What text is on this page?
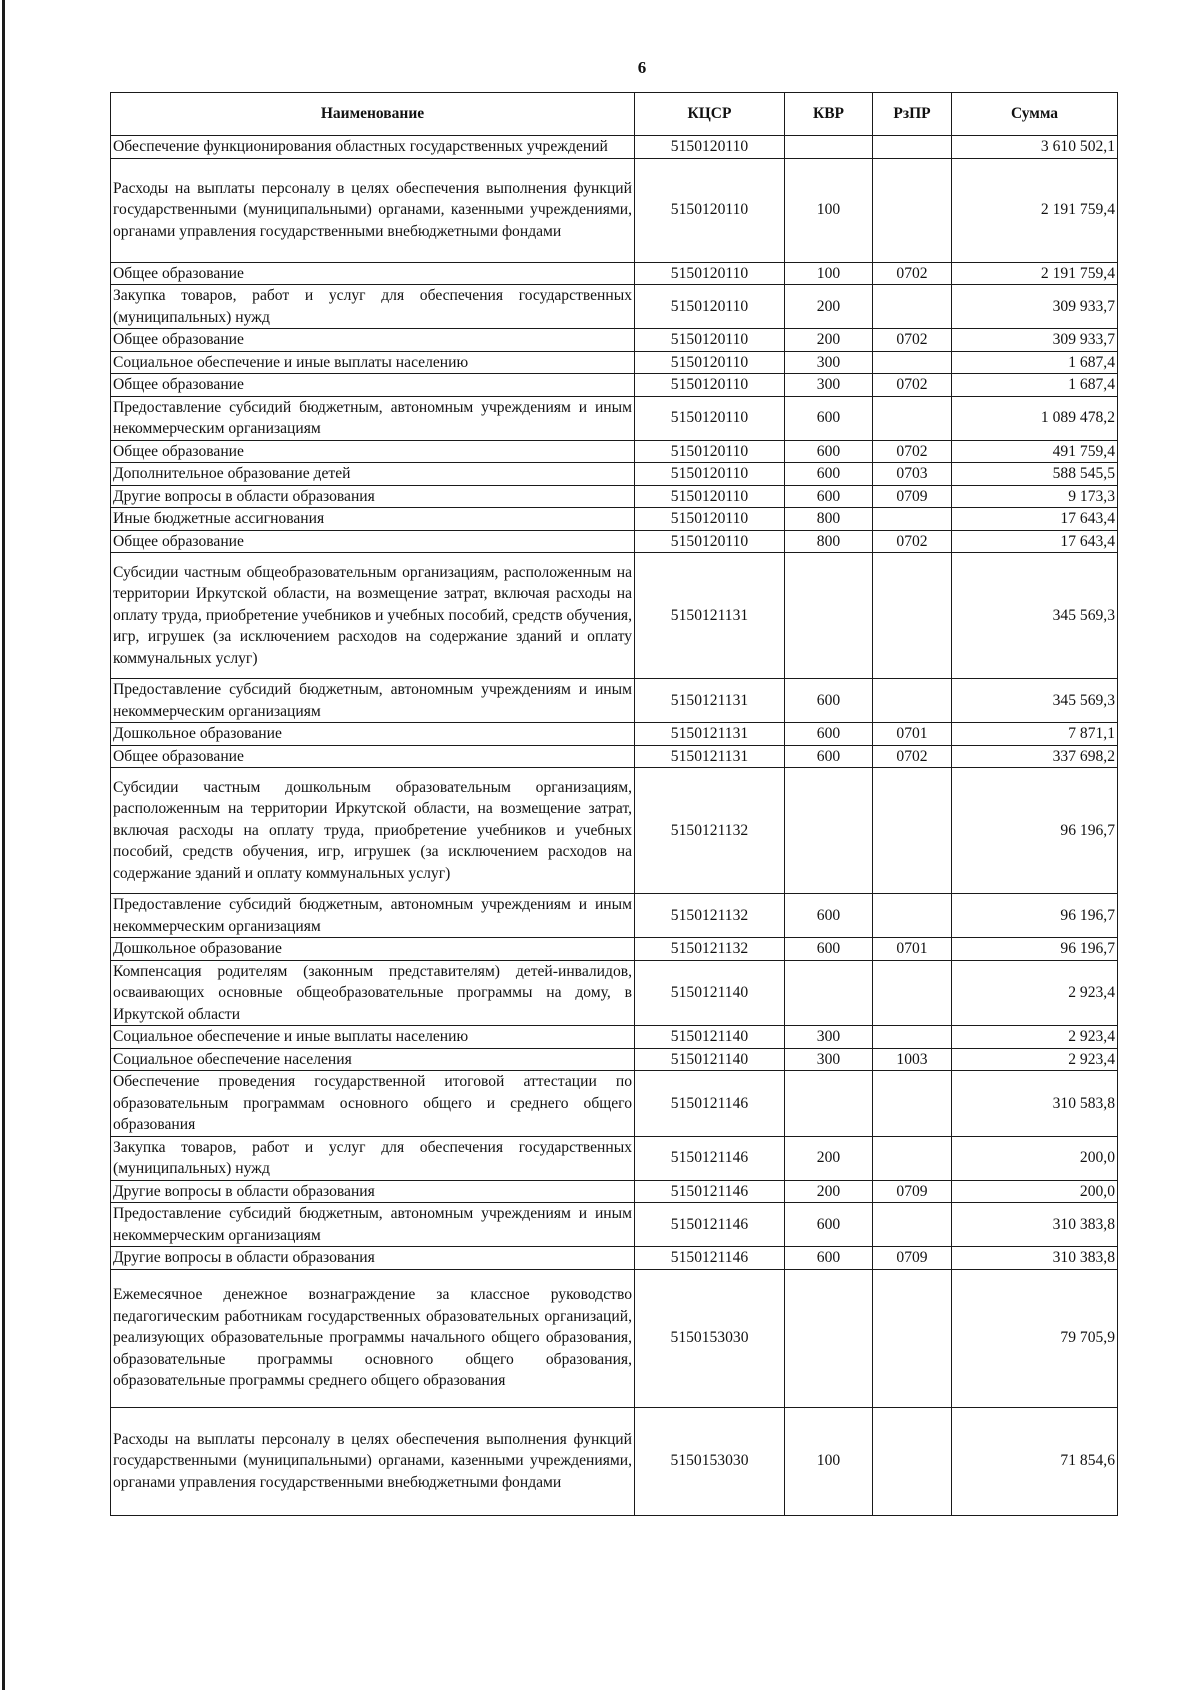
6
Наименование	КЦСР	КВР	РзПР	Сумма
Обеспечение функционирования областных государственных учреждений	5150120110			3 610 502,1
Расходы на выплаты персоналу в целях обеспечения выполнения функций государственными (муниципальными) органами, казенными учреждениями, органами управления государственными внебюджетными фондами	5150120110	100		2 191 759,4
Общее образование	5150120110	100	0702	2 191 759,4
Закупка товаров, работ и услуг для обеспечения государственных (муниципальных) нужд	5150120110	200		309 933,7
Общее образование	5150120110	200	0702	309 933,7
Социальное обеспечение и иные выплаты населению	5150120110	300		1 687,4
Общее образование	5150120110	300	0702	1 687,4
Предоставление субсидий бюджетным, автономным учреждениям и иным некоммерческим организациям	5150120110	600		1 089 478,2
Общее образование	5150120110	600	0702	491 759,4
Дополнительное образование детей	5150120110	600	0703	588 545,5
Другие вопросы в области образования	5150120110	600	0709	9 173,3
Иные бюджетные ассигнования	5150120110	800		17 643,4
Общее образование	5150120110	800	0702	17 643,4
Субсидии частным общеобразовательным организациям, расположенным на территории Иркутской области, на возмещение затрат, включая расходы на оплату труда, приобретение учебников и учебных пособий, средств обучения, игр, игрушек (за исключением расходов на содержание зданий и оплату коммунальных услуг)	5150121131			345 569,3
Предоставление субсидий бюджетным, автономным учреждениям и иным некоммерческим организациям	5150121131	600		345 569,3
Дошкольное образование	5150121131	600	0701	7 871,1
Общее образование	5150121131	600	0702	337 698,2
Субсидии частным дошкольным образовательным организациям, расположенным на территории Иркутской области, на возмещение затрат, включая расходы на оплату труда, приобретение учебников и учебных пособий, средств обучения, игр, игрушек (за исключением расходов на содержание зданий и оплату коммунальных услуг)	5150121132			96 196,7
Предоставление субсидий бюджетным, автономным учреждениям и иным некоммерческим организациям	5150121132	600		96 196,7
Дошкольное образование	5150121132	600	0701	96 196,7
Компенсация родителям (законным представителям) детей-инвалидов, осваивающих основные общеобразовательные программы на дому, в Иркутской области	5150121140			2 923,4
Социальное обеспечение и иные выплаты населению	5150121140	300		2 923,4
Социальное обеспечение населения	5150121140	300	1003	2 923,4
Обеспечение проведения государственной итоговой аттестации по образовательным программам основного общего и среднего общего образования	5150121146			310 583,8
Закупка товаров, работ и услуг для обеспечения государственных (муниципальных) нужд	5150121146	200		200,0
Другие вопросы в области образования	5150121146	200	0709	200,0
Предоставление субсидий бюджетным, автономным учреждениям и иным некоммерческим организациям	5150121146	600		310 383,8
Другие вопросы в области образования	5150121146	600	0709	310 383,8
Ежемесячное денежное вознаграждение за классное руководство педагогическим работникам государственных образовательных организаций, реализующих образовательные программы начального общего образования, образовательные программы основного общего образования, образовательные программы среднего общего образования	5150153030			79 705,9
Расходы на выплаты персоналу в целях обеспечения выполнения функций государственными (муниципальными) органами, казенными учреждениями, органами управления государственными внебюджетными фондами	5150153030	100		71 854,6
